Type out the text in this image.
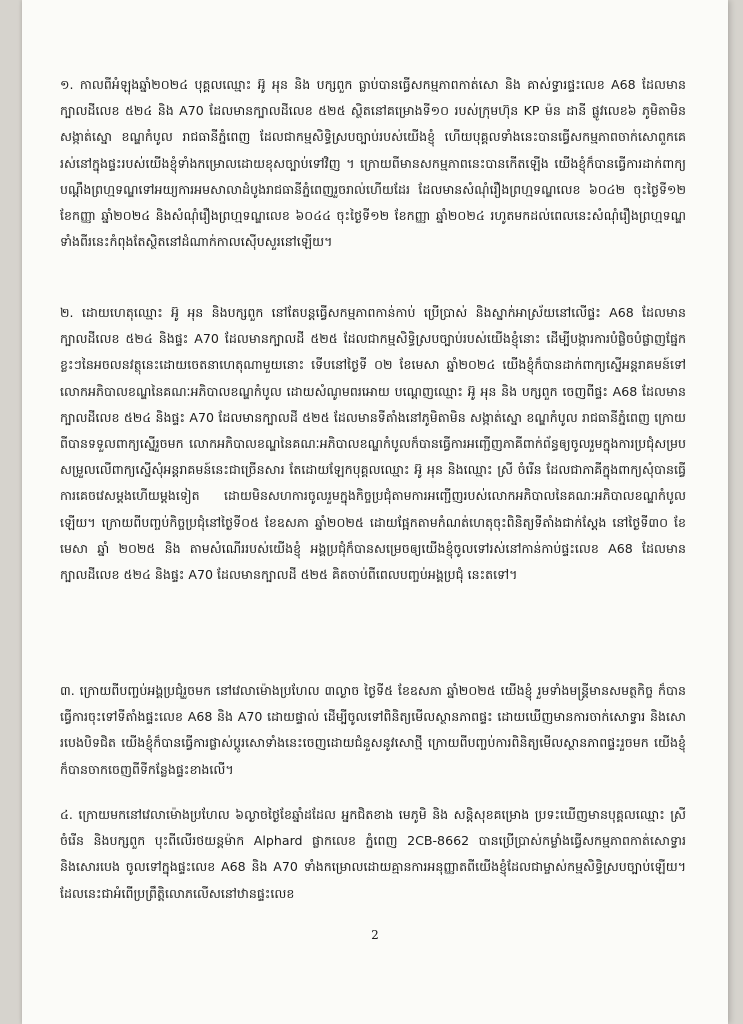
១. កាលពីអំឡុងឆ្នាំ២០២៤ បុគ្គលឈ្មោះ អ៊ូ អុន និង បក្សពួក ធ្លាប់បានធ្វើសកម្មភាពកាត់សោ និង គាស់ទ្វារផ្ទះលេខ A68 ដែលមានក្បាលដីលេខ ៥២៤ និង A70 ដែលមានក្បាលដីលេខ ៥២៥ ស្ថិតនៅគម្រោងទី១០ របស់ក្រុមហ៊ុន KP ម៉ន ដានី ផ្លូវលេខ៦ ភូមិតាមិន សង្កាត់ស្នោ ខណ្ឌកំបូល រាជធានីភ្នំពេញ ដែលជាកម្មសិទ្ធិស្របច្បាប់របស់យើងខ្ញុំ ហើយបុគ្គលទាំងនេះបានធ្វើសកម្មភាពចាក់សោពួកគេរស់នៅក្នុងផ្ទះរបស់យើងខ្ញុំទាំងកម្រោលដោយខុសច្បាប់ទៅវិញ ។ ក្រោយពីមានសកម្មភាពនេះបានកើតឡើង យើងខ្ញុំក៏បានធ្វើការដាក់ពាក្យបណ្តឹងព្រហ្មទណ្ឌទៅអយ្យការអមសាលាដំបូងរាជធានីភ្នំពេញរួចរាល់ហើយដែរ ដែលមានសំណុំរឿងព្រហ្មទណ្ឌលេខ ៦០៤២ ចុះថ្ងៃទី១២ ខែកញ្ញា ឆ្នាំ២០២៤ និងសំណុំរឿងព្រហ្មទណ្ឌលេខ ៦០៤៤ ចុះថ្ងៃទី១២ ខែកញ្ញា ឆ្នាំ២០២៤ រហូតមកដល់ពេលនេះសំណុំរឿងព្រហ្មទណ្ឌទាំងពីរនេះកំពុងតែស្ថិតនៅដំណាក់កាលស៊ើបសួរនៅឡើយ។
២. ដោយហេតុឈ្មោះ អ៊ូ អុន និងបក្សពួក នៅតែបន្តធ្វើសកម្មភាពកាន់កាប់ ប្រើប្រាស់ និងស្នាក់អាស្រ័យនៅលើផ្ទះ A68 ដែលមានក្បាលដីលេខ ៥២៤ និងផ្ទះ A70 ដែលមានក្បាលដី ៥២៥ ដែលជាកម្មសិទ្ធិស្របច្បាប់របស់យើងខ្ញុំនោះ ដើម្បីបង្ការការបំផ្លិចបំផ្លាញផ្នែកខ្លះៗនៃអចលនវត្ថុនេះដោយចេតនាហេតុណាមួយនោះ ទើបនៅថ្ងៃទី ០២ ខែមេសា ឆ្នាំ២០២៤ យើងខ្ញុំក៏បានដាក់ពាក្យស្នើអន្តរាគមន៍ទៅលោកអភិបាលខណ្ឌនៃគណៈអភិបាលខណ្ឌកំបូល ដោយសំណូមពរអោយ បណ្តេញឈ្មោះ អ៊ូ អុន និង បក្សពួក ចេញពីផ្ទះ A68 ដែលមានក្បាលដីលេខ ៥២៤ និងផ្ទះ A70 ដែលមានក្បាលដី ៥២៥ ដែលមានទីតាំងនៅភូមិតាមិន សង្កាត់ស្នោ ខណ្ឌកំបូល រាជធានីភ្នំពេញ ក្រោយពីបានទទួលពាក្យស្នើរួចមក លោកអភិបាលខណ្ឌនៃគណៈអភិបាលខណ្ឌកំបូលក៏បានធ្វើការអញ្ជើញភាគីពាក់ព័ន្ធឲ្យចូលរួមក្នុងការប្រជុំសម្របសម្រួលលើពាក្យស្នើសុំអន្តរាគមន៍នេះជាច្រើនសារ តែដោយឡែកបុគ្គលឈ្មោះ អ៊ូ អុន និងឈ្មោះ ស្រី ចំរើន ដែលជាភាគីក្នុងពាក្យសុំបានធ្វើការគេចវេសម្តងហើយម្តងទៀត ដោយមិនសហការចូលរួមក្នុងកិច្ចប្រជុំតាមការអញ្ជើញរបស់លោកអភិបាលនៃគណៈអភិបាលខណ្ឌកំបូលឡើយ។ ក្រោយពីបញ្ចប់កិច្ចប្រជុំនៅថ្ងៃទី០៥ ខែឧសភា ឆ្នាំ២០២៥ ដោយផ្អែកតាមកំណត់ហេតុចុះពិនិត្យទីតាំងជាក់ស្តែង នៅថ្ងៃទី៣០ ខែមេសា ឆ្នាំ ២០២៥ និង តាមសំណើររបស់យើងខ្ញុំ អង្គប្រជុំក៏បានសម្រេចឲ្យយើងខ្ញុំចូលទៅរស់នៅកាន់កាប់ផ្ទះលេខ A68 ដែលមានក្បាលដីលេខ ៥២៤ និងផ្ទះ A70 ដែលមានក្បាលដី ៥២៥ គិតចាប់ពីពេលបញ្ចប់អង្គប្រជុំ នេះតទៅ។
៣. ក្រោយពីបញ្ចប់អង្គប្រជុំរួចមក នៅវេលាម៉ោងប្រហែល ៣ល្ងាច ថ្ងៃទី៥ ខែឧសភា ឆ្នាំ២០២៥ យើងខ្ញុំ រួមទាំងមន្ត្រីមានសមត្ថកិច្ច ក៏បានធ្វើការចុះទៅទីតាំងផ្ទះលេខ A68 និង A70 ដោយផ្ទាល់ ដើម្បីចូលទៅពិនិត្យមើលស្ថានភាពផ្ទះ ដោយឃើញមានការចាក់សោទ្វារ និងសោរបេងបិទជិត យើងខ្ញុំក៏បានធ្វើការផ្លាស់ប្តូរសោទាំងនេះចេញដោយជំនួសនូវសោថ្មី ក្រោយពីបញ្ចប់ការពិនិត្យមើលស្ថានភាពផ្ទះរួចមក យើងខ្ញុំក៏បានចាកចេញពីទីកន្លែងផ្ទះខាងលើ។
៤. ក្រោយមកនៅវេលាម៉ោងប្រហែល ៦ល្ងាចថ្ងៃខែឆ្នាំដដែល អ្នកជិតខាង មេភូមិ និង សន្តិសុខគម្រោង ប្រទះឃើញមានបុគ្គលឈ្មោះ ស្រី ចំរើន និងបក្សពួក បុះពីលើរថយន្តម៉ាក Alphard ផ្លាកលេខ ភ្នំពេញ 2CB-8662 បានប្រើប្រាស់កម្លាំងធ្វើសកម្មភាពកាត់សោទ្វារ និងសោរបេង ចូលទៅក្នុងផ្ទះលេខ A68 និង A70 ទាំងកម្រោលដោយគ្មានការអនុញ្ញាតពីយើងខ្ញុំដែលជាម្ចាស់កម្មសិទ្ធិស្របច្បាប់ឡើយ។ ដែលនេះជាអំពើប្រព្រឹត្តិលោភលើសនៅឋានផ្ទះលេខ
2
